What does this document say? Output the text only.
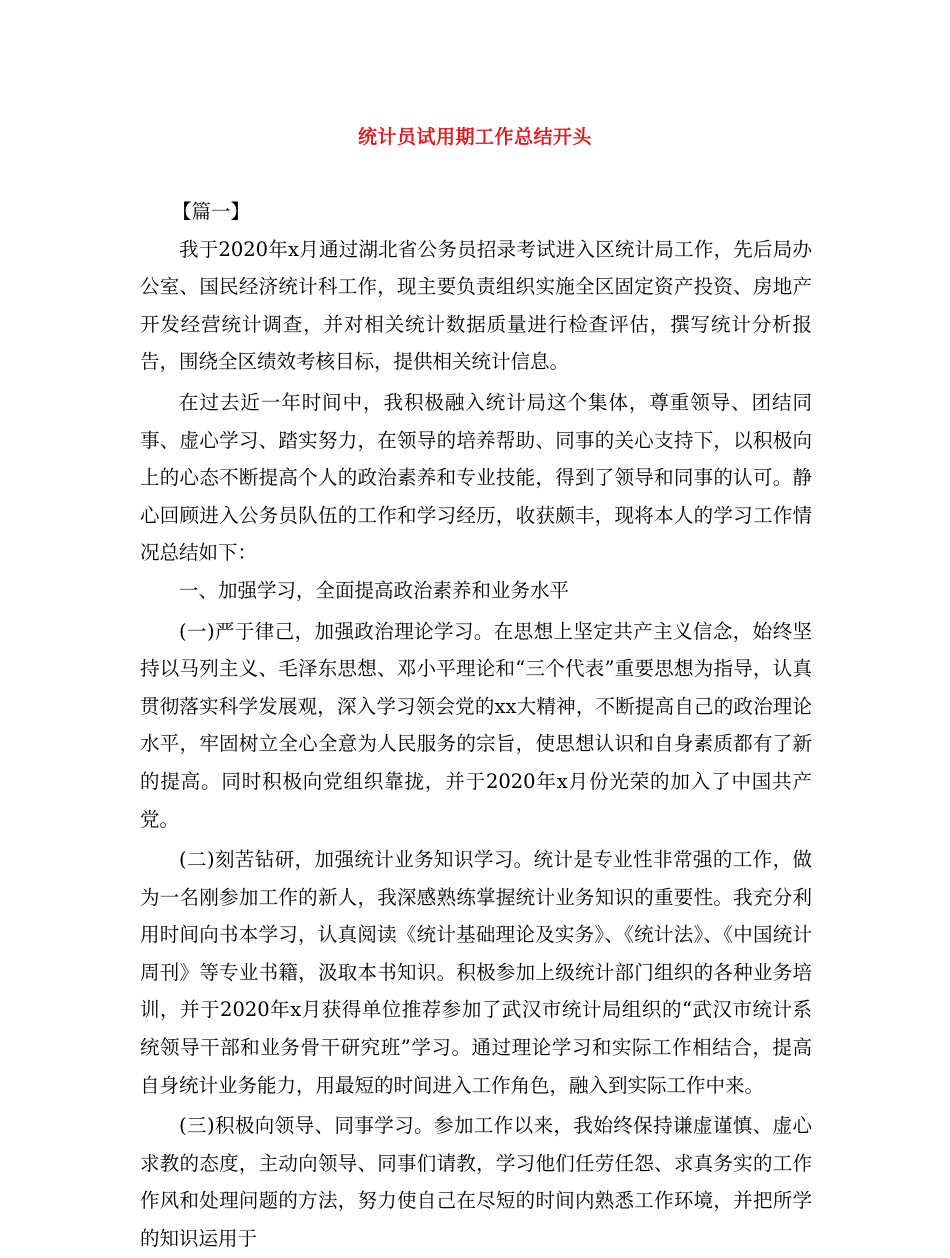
统计员试用期工作总结开头

【篇一】

我于2020年x月通过湖北省公务员招录考试进入区统计局工作，先后局办公室、国民经济统计科工作，现主要负责组织实施全区固定资产投资、房地产开发经营统计调查，并对相关统计数据质量进行检查评估，撰写统计分析报告，围绕全区绩效考核目标，提供相关统计信息。

在过去近一年时间中，我积极融入统计局这个集体，尊重领导、团结同事、虚心学习、踏实努力，在领导的培养帮助、同事的关心支持下，以积极向上的心态不断提高个人的政治素养和专业技能，得到了领导和同事的认可。静心回顾进入公务员队伍的工作和学习经历，收获颇丰，现将本人的学习工作情况总结如下：

一、加强学习，全面提高政治素养和业务水平

(一)严于律己，加强政治理论学习。在思想上坚定共产主义信念，始终坚持以马列主义、毛泽东思想、邓小平理论和“三个代表”重要思想为指导，认真贯彻落实科学发展观，深入学习领会党的xx大精神，不断提高自己的政治理论水平，牢固树立全心全意为人民服务的宗旨，使思想认识和自身素质都有了新的提高。同时积极向党组织靠拢，并于2020年x月份光荣的加入了中国共产党。

(二)刻苦钻研，加强统计业务知识学习。统计是专业性非常强的工作，做为一名刚参加工作的新人，我深感熟练掌握统计业务知识的重要性。我充分利用时间向书本学习，认真阅读《统计基础理论及实务》、《统计法》、《中国统计周刊》等专业书籍，汲取本书知识。积极参加上级统计部门组织的各种业务培训，并于2020年x月获得单位推荐参加了武汉市统计局组织的“武汉市统计系统领导干部和业务骨干研究班”学习。通过理论学习和实际工作相结合，提高自身统计业务能力，用最短的时间进入工作角色，融入到实际工作中来。

(三)积极向领导、同事学习。参加工作以来，我始终保持谦虚谨慎、虚心求教的态度，主动向领导、同事们请教，学习他们任劳任怨、求真务实的工作作风和处理问题的方法，努力使自己在尽短的时间内熟悉工作环境，并把所学的知识运用于
